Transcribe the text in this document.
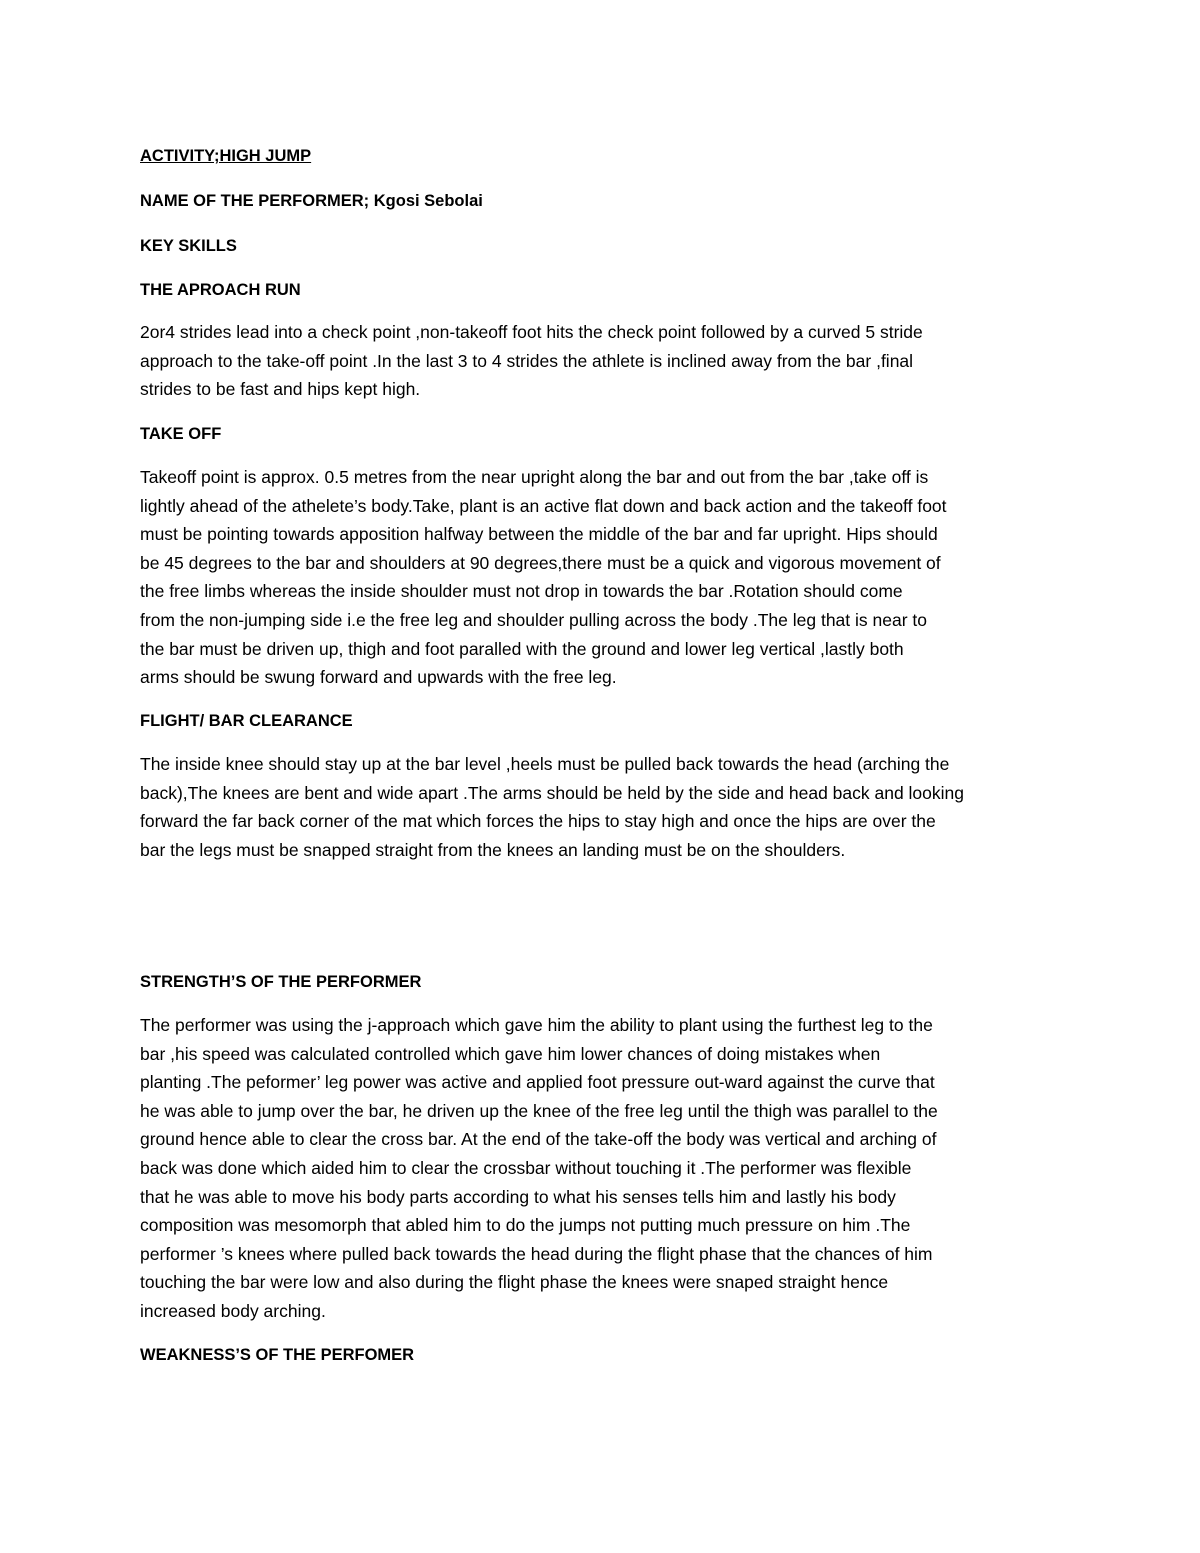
ACTIVITY;HIGH JUMP

NAME OF THE PERFORMER; Kgosi Sebolai

KEY SKILLS

THE APROACH RUN

2or4 strides lead into a check point ,non-takeoff foot hits the check point followed by a curved 5 stride
approach to the take-off point .In the last 3 to 4 strides the athlete is inclined away from the bar ,final
strides to be fast and hips kept high.

TAKE OFF

Takeoff point is approx. 0.5 metres from the near upright along the bar and out from the bar ,take off is
lightly ahead of the athelete’s body.Take, plant is an active flat down and back action and the takeoff foot
must be pointing towards apposition halfway between the middle of the bar and far upright. Hips should
be 45 degrees to the bar and shoulders at 90 degrees,there must be a quick and vigorous movement of
the free limbs whereas the inside shoulder must not drop in towards the bar .Rotation should come
from the non-jumping side i.e the free leg and shoulder pulling across the body .The leg that is near to
the bar must be driven up, thigh and foot paralled with the ground and lower leg vertical ,lastly both
arms should be swung forward and upwards with the free leg.

FLIGHT/ BAR CLEARANCE

The inside knee should stay up at the bar level ,heels must be pulled back towards the head (arching the
back),The knees are bent and wide apart .The arms should be held by the side and head back and looking
forward the far back corner of the mat which forces the hips to stay high and once the hips are over the
bar the legs must be snapped straight from the knees an landing must be on the shoulders.

STRENGTH’S OF THE PERFORMER

The performer was using the j-approach which gave him the ability to plant using the furthest leg to the
bar ,his speed was calculated controlled which gave him lower chances of doing mistakes when
planting .The peformer’ leg power was active and applied foot pressure out-ward against the curve that
he was able to jump over the bar, he driven up the knee of the free leg until the thigh was parallel to the
ground hence able to clear the cross bar. At the end of the take-off the body was vertical and arching of
back was done which aided him to clear the crossbar without touching it .The performer was flexible
that he was able to move his body parts according to what his senses tells him and lastly his body
composition was mesomorph that abled him to do the jumps not putting much pressure on him .The
performer ’s knees where pulled back towards the head during the flight phase that the chances of him
touching the bar were low and also during the flight phase the knees were snaped straight hence
increased body arching.

WEAKNESS’S OF THE PERFOMER
